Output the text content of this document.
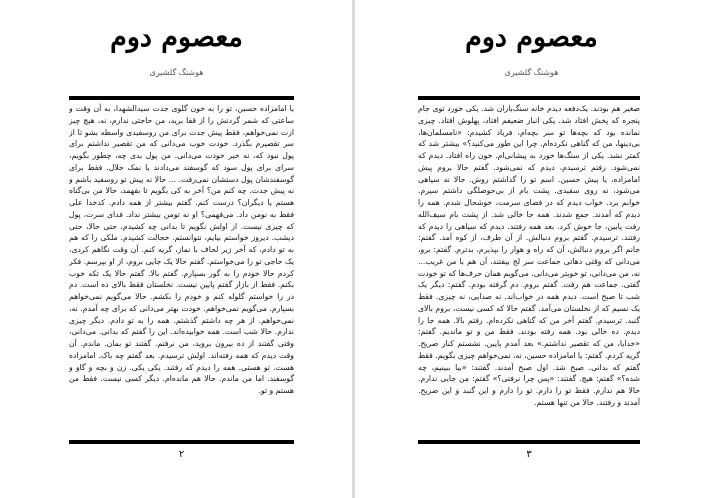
معصوم دوم
هوشنگ گلشیری
یا امامزاده حسین، تو را به خون گلوی جدت سیدالشهدا، به آن وقت و ساعتی که شمر گردنش را از قفا برید، من حاجتی ندارم، نه، هیچ چیز ازت نمی‌خواهم، فقط پیش جدت برای من روسفیدی واسطه بشو تا از سر تقصیرم بگذرد. خودت خوب می‌دانی که من تقصیر نداشتم برای پول نبود که، نه خیر خودت می‌دانی. من پول بدی چه، چطور بگویم، سرای برای پول سود که گوسفند می‌دادند یا نمک حلال. فقط برای گوسفندشان پول دستشان نمی‌رفت. ... حالا نه پیش تو روسفید باشم و نه پیش جدت. چه کنم من؟ آخر به کی بگویم تا بفهمد، حالا من بی‌گناه هستم یا دیگران؟ درست کنم. گفتم بیشتر از همه دادم. کدخدا علی فقط به نومن داد. می‌فهمی؟ او نه تومن بیشتر نداد. فدای سرت، پول که چیزی نیست. از اولش نگویم تا بدانی چه کشیدم، حتی حالا، حتی دیشب. دیروز خواستم بیایم، نتوانستم. خجالت کشیدم. ملکی را که هم به تو دادم، که آخر زیر لحاف با نماز، گریه کنم. آن وقت نگاهم کردی، یک حاجی تو را می‌خواستم. گفتم حالا یک جایی بروم، از او بپرسم. فکر کردم حالا خودم را به گور بسپارم. گفتم بالا. گفتم حالا یک تکه خوب بکنم. فقط از بازار گفتم پایین نیست. نخلستان فقط بالای ده است. دم در را خواستم گلوله کنم و خودم را بکشم. حالا می‌گویم نمی‌خواهم بسپارم. می‌گویم نمی‌خواهم. خودت بهتر می‌دانی که برای چه آمدم. نه، نمی‌خواهم. از هر چه داشتم گذشتم. همه را به تو دادم. دیگر چیزی ندارم. حالا شب است. همه خوابیده‌اند. این را گفتم که بدانی. می‌دانی، وقتی گفتند از ده بیرون بروید، من نرفتم. گفتند تو بمان. ماندم. آن وقت دیدم که همه رفته‌اند. اولش ترسیدم. بعد گفتم چه باک. امامزاده هست. تو هستی. همه را دیدم که رفتند. یکی یکی. زن و بچه و گاو و گوسفند. اما من ماندم. حالا هم مانده‌ام. دیگر کسی نیست. فقط من هستم و تو.
۲
معصوم دوم
هوشنگ گلشیری
صغیر هم بودند. یک‌دفعه دیدم خانه سنگ‌باران شد. یکی خورد توی جام پنجره که پخش افتاد شد. یکی انبار ضعیفم افتاد، پهلوش افتاد. چیزی نمانده بود که بچه‌ها تو سر بچه‌ام، فریاد کشیدم: «نامسلمان‌ها، بی‌دینها، من که گناهی نکرده‌ام. چرا این طور می‌کنید؟» بیشتر شد که کمتر نشد. یکی از سنگ‌ها خورد به پیشانی‌ام. خون راه افتاد. دیدم که نمی‌شود. رفتم ترسیدم، دیدم که نمی‌شود. گفتم حالا بروم پیش امامزاده، یا پیش حسین. اسم تو را گذاشتم روش. حالا نه سیاهی می‌شود، نه روی سفیدی. پشت بام از بی‌حوصلگی داشتم سیرم. خوابم برد. خواب دیدم که در فضای سرمت، خوشحال شدم. همه را دیدم که آمدند. جمع شدند. همه جا خالی شد. از پشت بام سیف‌الله رفت پایین، جا خوش کرد. بعد همه رفتند. دیدم که سیاهی را دیدم که رفتند. ترسیدم. گفتم بروم دنبالش. از آن طرف، از کوه آمد. گفتم: جانم اگر بروم دنبالش، آن که راه و هوار را بپذیرم، بدترم. گفتم: برو، می‌دانی که وقتی دهاتی جماعت سر لج بیفتند، آن هم با من غریب... نه، من می‌دانی، تو خوبتر می‌دانی. می‌گویم همان حرف‌ها که تو خودت گفتی. جماعت هم رفت. گفتم بروم. دم گرفته بودم. گفتم: دیگر یک شب تا صبح است. دیدم همه در خواب‌اند. نه صدایی، نه چیزی. فقط یک نسیم که از نخلستان می‌آمد. گفتم حالا که کسی نیست، بروم بالای گنبد. ترسیدم. گفتم آخر من که گناهی نکرده‌ام. رفتم بالا. همه جا را دیدم. ده خالی بود. همه رفته بودند. فقط من و تو ماندیم. گفتم: «خدایا، من که تقصیر نداشتم.» بعد آمدم پایین. نشستم کنار ضریح. گریه کردم. گفتم: یا امامزاده حسین، نه، نمی‌خواهم چیزی بگویم. فقط گفتم که بدانی. صبح شد. اول صبح آمدند. گفتند: «بیا ببینیم، چه شده؟» گفتم: هیچ. گفتند: «پس چرا نرفتی؟» گفتم: من جایی ندارم. حالا هم ندارم. فقط تو را دارم. تو را دارم و این گنبد و این ضریح. آمدند و رفتند. حالا من تنها هستم.
۳
